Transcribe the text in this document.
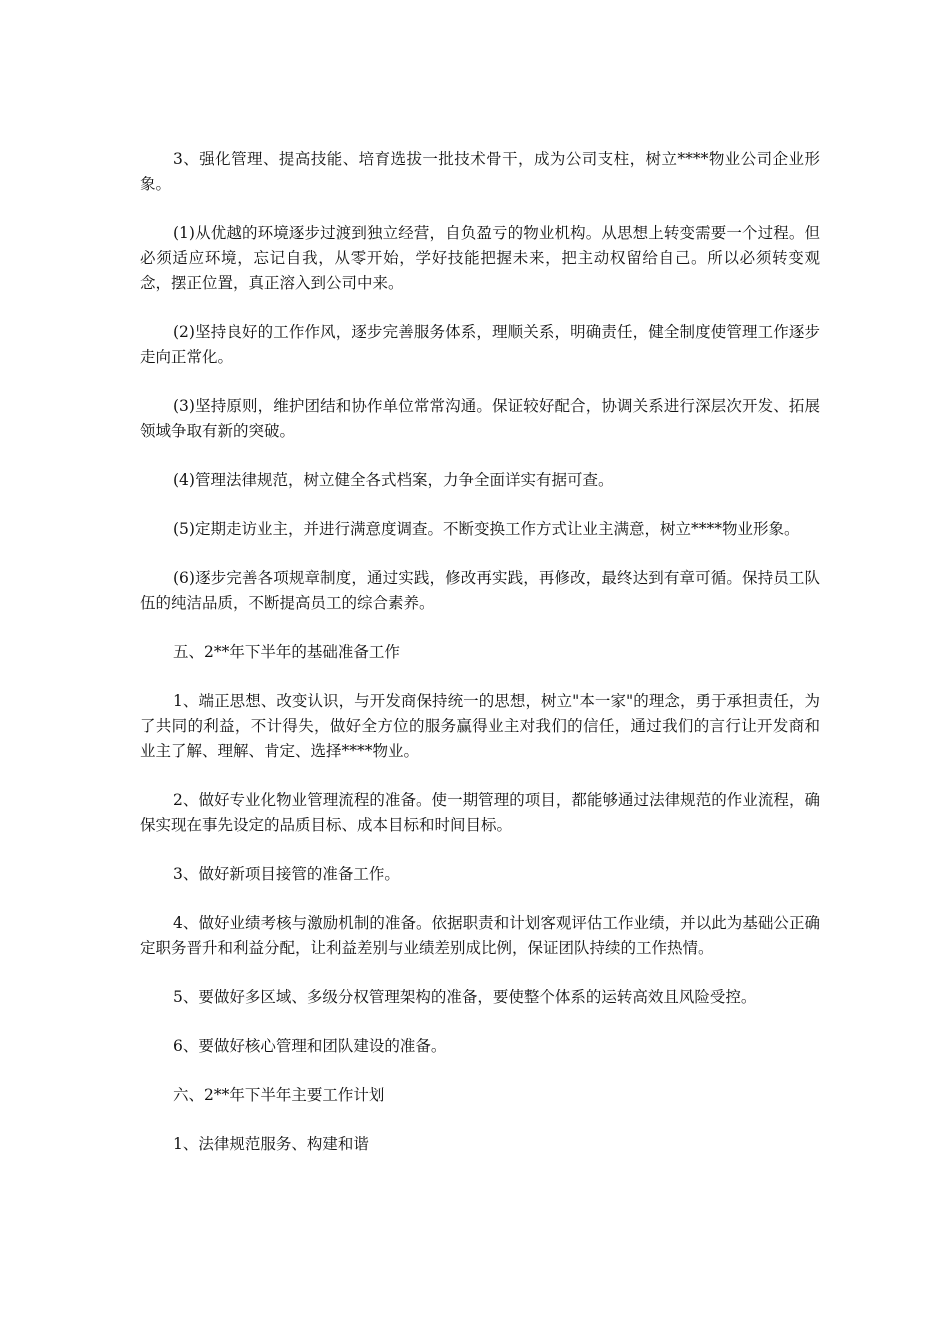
3、强化管理、提高技能、培育选拔一批技术骨干，成为公司支柱，树立****物业公司企业形象。

(1)从优越的环境逐步过渡到独立经营，自负盈亏的物业机构。从思想上转变需要一个过程。但必须适应环境，忘记自我，从零开始，学好技能把握未来，把主动权留给自己。所以必须转变观念，摆正位置，真正溶入到公司中来。

(2)坚持良好的工作作风，逐步完善服务体系，理顺关系，明确责任，健全制度使管理工作逐步走向正常化。

(3)坚持原则，维护团结和协作单位常常沟通。保证较好配合，协调关系进行深层次开发、拓展领域争取有新的突破。

(4)管理法律规范，树立健全各式档案，力争全面详实有据可查。

(5)定期走访业主，并进行满意度调查。不断变换工作方式让业主满意，树立****物业形象。

(6)逐步完善各项规章制度，通过实践，修改再实践，再修改，最终达到有章可循。保持员工队伍的纯洁品质，不断提高员工的综合素养。

五、2**年下半年的基础准备工作

1、端正思想、改变认识，与开发商保持统一的思想，树立"本一家"的理念，勇于承担责任，为了共同的利益，不计得失，做好全方位的服务赢得业主对我们的信任，通过我们的言行让开发商和业主了解、理解、肯定、选择****物业。

2、做好专业化物业管理流程的准备。使一期管理的项目，都能够通过法律规范的作业流程，确保实现在事先设定的品质目标、成本目标和时间目标。

3、做好新项目接管的准备工作。

4、做好业绩考核与激励机制的准备。依据职责和计划客观评估工作业绩，并以此为基础公正确定职务晋升和利益分配，让利益差别与业绩差别成比例，保证团队持续的工作热情。

5、要做好多区域、多级分权管理架构的准备，要使整个体系的运转高效且风险受控。

6、要做好核心管理和团队建设的准备。

六、2**年下半年主要工作计划

1、法律规范服务、构建和谐
